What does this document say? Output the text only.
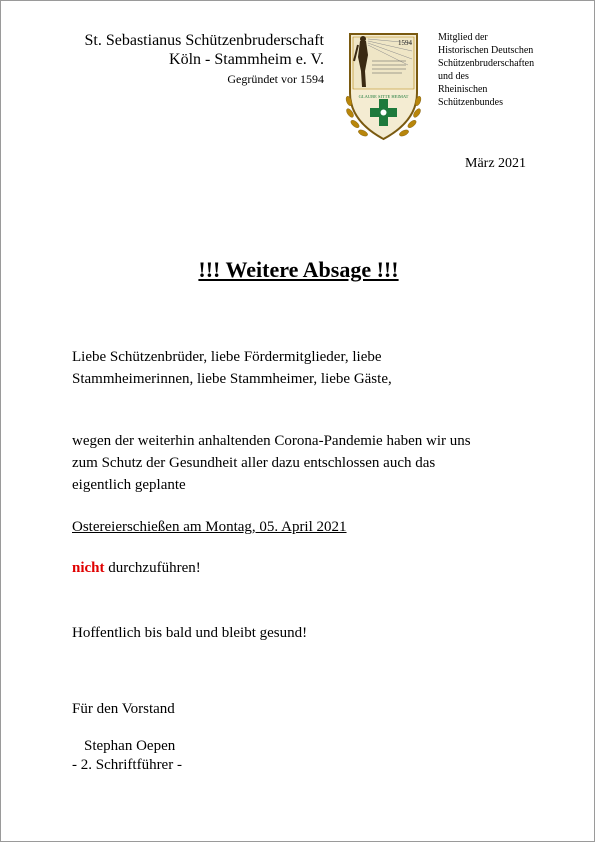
St. Sebastianus Schützenbruderschaft
Köln - Stammheim e. V.
Gegründet vor 1594
1594
GLAUBE SITTE HEIMAT
Mitglied der
Historischen Deutschen
Schützenbruderschaften
und des
Rheinischen
Schützenbundes
März 2021
!!! Weitere Absage !!!
Liebe Schützenbrüder, liebe Fördermitglieder, liebe
Stammheimerinnen, liebe Stammheimer, liebe Gäste,
wegen der weiterhin anhaltenden Corona-Pandemie haben wir uns
zum Schutz der Gesundheit aller dazu entschlossen auch das
eigentlich geplante
Ostereierschießen am Montag, 05. April 2021
nicht durchzuführen!
Hoffentlich bis bald und bleibt gesund!
Für den Vorstand
Stephan Oepen
- 2. Schriftführer -
